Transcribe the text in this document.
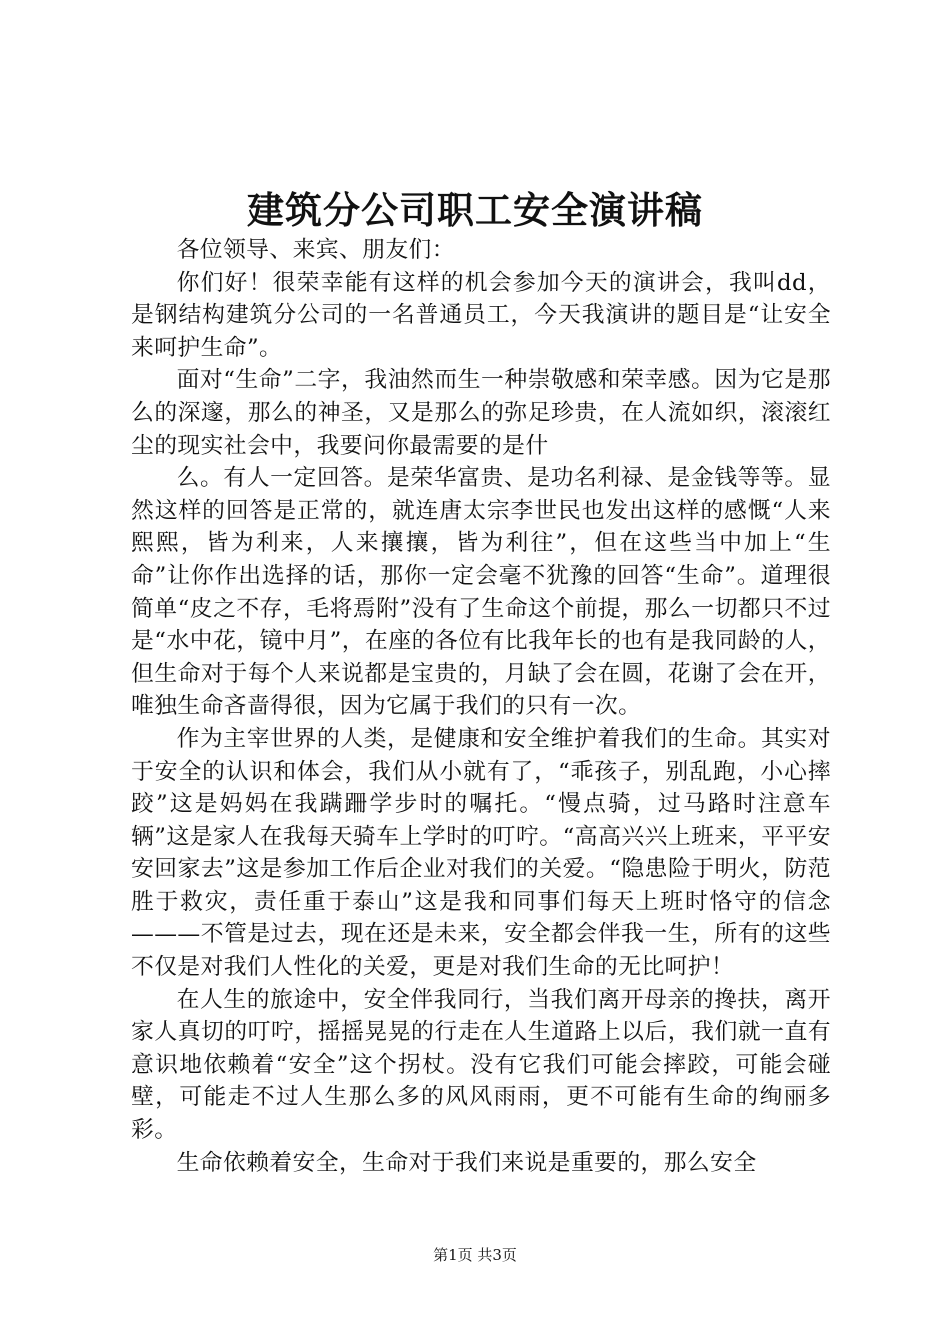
建筑分公司职工安全演讲稿

各位领导、来宾、朋友们：

你们好！很荣幸能有这样的机会参加今天的演讲会，我叫dd，是钢结构建筑分公司的一名普通员工，今天我演讲的题目是“让安全来呵护生命”。

面对“生命”二字，我油然而生一种崇敬感和荣幸感。因为它是那么的深邃，那么的神圣，又是那么的弥足珍贵，在人流如织，滚滚红尘的现实社会中，我要问你最需要的是什

么。有人一定回答。是荣华富贵、是功名利禄、是金钱等等。显然这样的回答是正常的，就连唐太宗李世民也发出这样的感慨“人来熙熙，皆为利来，人来攘攘，皆为利往”，但在这些当中加上“生命”让你作出选择的话，那你一定会毫不犹豫的回答“生命”。道理很简单“皮之不存，毛将焉附”没有了生命这个前提，那么一切都只不过是“水中花，镜中月”，在座的各位有比我年长的也有是我同龄的人，但生命对于每个人来说都是宝贵的，月缺了会在圆，花谢了会在开，唯独生命吝啬得很，因为它属于我们的只有一次。

作为主宰世界的人类，是健康和安全维护着我们的生命。其实对于安全的认识和体会，我们从小就有了，“乖孩子，别乱跑，小心摔跤”这是妈妈在我蹒跚学步时的嘱托。“慢点骑，过马路时注意车辆”这是家人在我每天骑车上学时的叮咛。“高高兴兴上班来，平平安安回家去”这是参加工作后企业对我们的关爱。“隐患险于明火，防范胜于救灾，责任重于泰山”这是我和同事们每天上班时恪守的信念———不管是过去，现在还是未来，安全都会伴我一生，所有的这些不仅是对我们人性化的关爱，更是对我们生命的无比呵护！

在人生的旅途中，安全伴我同行，当我们离开母亲的搀扶，离开家人真切的叮咛，摇摇晃晃的行走在人生道路上以后，我们就一直有意识地依赖着“安全”这个拐杖。没有它我们可能会摔跤，可能会碰壁，可能走不过人生那么多的风风雨雨，更不可能有生命的绚丽多彩。

生命依赖着安全，生命对于我们来说是重要的，那么安全

第1页 共3页
